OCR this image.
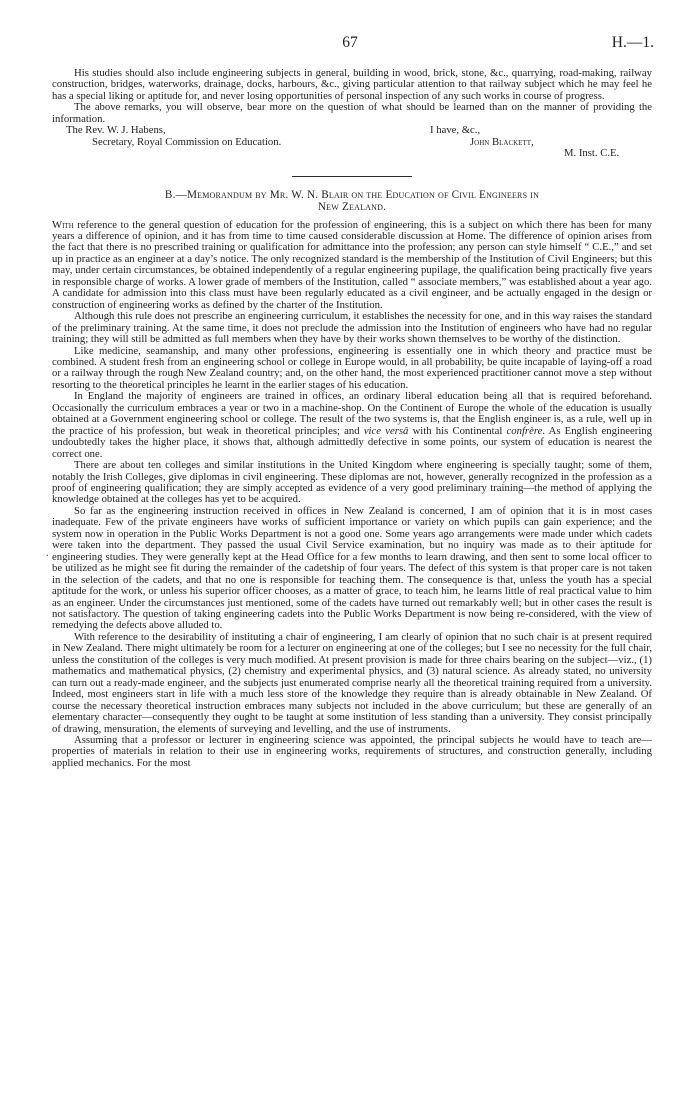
67	H.—1.
.

His studies should also include engineering subjects in general, building in wood, brick, stone, &c., quarrying, road-making, railway construction, bridges, waterworks, drainage, docks, harbours, &c., giving particular attention to that railway subject which he may feel he has a special liking or aptitude for, and never losing opportunities of personal inspection of any such works in course of progress.

The above remarks, you will observe, bear more on the question of what should be learned than on the manner of providing the information.

The Rev. W. J. Habens,	I have, &c.,
Secretary, Royal Commission on Education.	John Blackett,
M. Inst. C.E.
B.—Memorandum by Mr. W. N. Blair on the Education of Civil Engineers in
New Zealand.

With reference to the general question of education for the profession of engineering, this is a subject on which there has been for many years a difference of opinion, and it has from time to time caused considerable discussion at Home. The difference of opinion arises from the fact that there is no prescribed training or qualification for admittance into the profession; any person can style himself “ C.E.,” and set up in practice as an engineer at a day’s notice. The only recognized standard is the membership of the Institution of Civil Engineers; but this may, under certain circumstances, be obtained independently of a regular engineering pupilage, the qualification being practically five years in responsible charge of works. A lower grade of members of the Institution, called “ associate members,” was established about a year ago. A candidate for admission into this class must have been regularly educated as a civil engineer, and be actually engaged in the design or construction of engineering works as defined by the charter of the Institution.

Although this rule does not prescribe an engineering curriculum, it establishes the necessity for one, and in this way raises the standard of the preliminary training. At the same time, it does not preclude the admission into the Institution of engineers who have had no regular training; they will still be admitted as full members when they have by their works shown themselves to be worthy of the distinction.

Like medicine, seamanship, and many other professions, engineering is essentially one in which theory and practice must be combined. A student fresh from an engineering school or college in Europe would, in all probability, be quite incapable of laying-off a road or a railway through the rough New Zealand country; and, on the other hand, the most experienced practitioner cannot move a step without resorting to the theoretical principles he learnt in the earlier stages of his education.

In England the majority of engineers are trained in offices, an ordinary liberal education being all that is required beforehand. Occasionally the curriculum embraces a year or two in a machine-shop. On the Continent of Europe the whole of the education is usually obtained at a Government engineering school or college. The result of the two systems is, that the English engineer is, as a rule, well up in the practice of his profession, but weak in theoretical principles; and vice versâ with his Continental confrère. As English engineering undoubtedly takes the higher place, it shows that, although admittedly defective in some points, our system of education is nearest the correct one.

There are about ten colleges and similar institutions in the United Kingdom where engineering is specially taught; some of them, notably the Irish Colleges, give diplomas in civil engineering. These diplomas are not, however, generally recognized in the profession as a proof of engineering qualification; they are simply accepted as evidence of a very good preliminary training—the method of applying the knowledge obtained at the colleges has yet to be acquired.

So far as the engineering instruction received in offices in New Zealand is concerned, I am of opinion that it is in most cases inadequate. Few of the private engineers have works of sufficient importance or variety on which pupils can gain experience; and the system now in operation in the Public Works Department is not a good one. Some years ago arrangements were made under which cadets were taken into the department. They passed the usual Civil Service examination, but no inquiry was made as to their aptitude for engineering studies. They were generally kept at the Head Office for a few months to learn drawing, and then sent to some local officer to be utilized as he might see fit during the remainder of the cadetship of four years. The defect of this system is that proper care is not taken in the selection of the cadets, and that no one is responsible for teaching them. The consequence is that, unless the youth has a special aptitude for the work, or unless his superior officer chooses, as a matter of grace, to teach him, he learns little of real practical value to him as an engineer. Under the circumstances just mentioned, some of the cadets have turned out remarkably well; but in other cases the result is not satisfactory. The question of taking engineering cadets into the Public Works Department is now being re-considered, with the view of remedying the defects above alluded to.

With reference to the desirability of instituting a chair of engineering, I am clearly of opinion that no such chair is at present required in New Zealand. There might ultimately be room for a lecturer on engineering at one of the colleges; but I see no necessity for the full chair, unless the constitution of the colleges is very much modified. At present provision is made for three chairs bearing on the subject—viz., (1) mathematics and mathematical physics, (2) chemistry and experimental physics, and (3) natural science. As already stated, no university can turn out a ready-made engineer, and the subjects just enumerated comprise nearly all the theoretical training required from a university. Indeed, most engineers start in life with a much less store of the knowledge they require than is already obtainable in New Zealand. Of course the necessary theoretical instruction embraces many subjects not included in the above curriculum; but these are generally of an elementary character—consequently they ought to be taught at some institution of less standing than a university. They consist principally of drawing, mensuration, the elements of surveying and levelling, and the use of instruments.

Assuming that a professor or lecturer in engineering science was appointed, the principal subjects he would have to teach are—properties of materials in relation to their use in engineering works, requirements of structures, and construction generally, including applied mechanics. For the most
